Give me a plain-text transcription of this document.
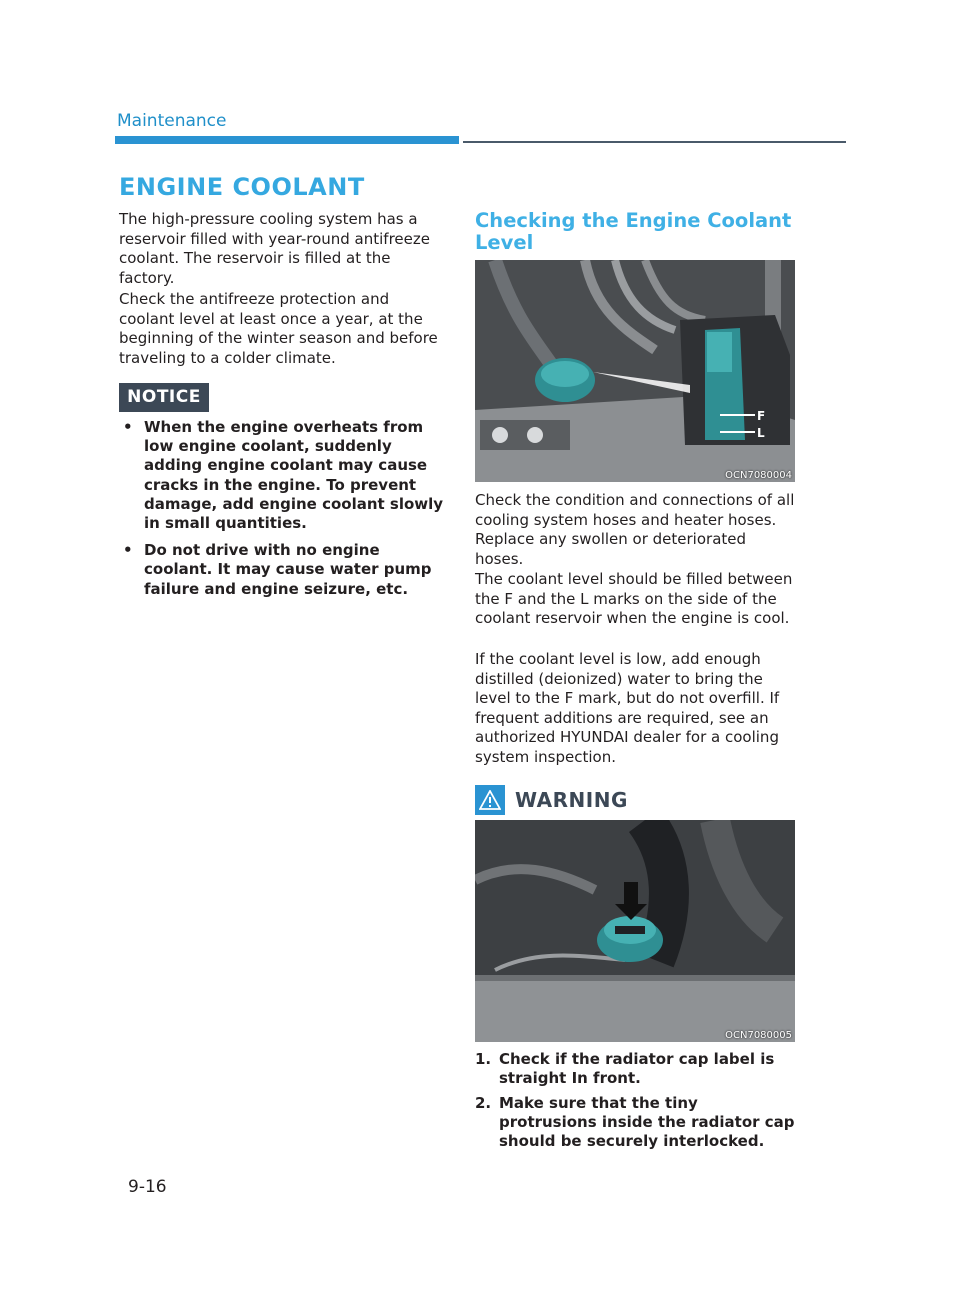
Maintenance
ENGINE COOLANT

The high-pressure cooling system has a reservoir filled with year-round antifreeze coolant. The reservoir is filled at the factory.

Check the antifreeze protection and coolant level at least once a year, at the beginning of the winter season and before traveling to a colder climate.

NOTICE
• When the engine overheats from low engine coolant, suddenly adding engine coolant may cause cracks in the engine. To prevent damage, add engine coolant slowly in small quantities.
• Do not drive with no engine coolant. It may cause water pump failure and engine seizure, etc.
Checking the Engine Coolant Level
F
L
OCN7080004

Check the condition and connections of all cooling system hoses and heater hoses. Replace any swollen or deteriorated hoses.

The coolant level should be filled between the F and the L marks on the side of the coolant reservoir when the engine is cool.

If the coolant level is low, add enough distilled (deionized) water to bring the level to the F mark, but do not overfill. If frequent additions are required, see an authorized HYUNDAI dealer for a cooling system inspection.

WARNING
OCN7080005
1. Check if the radiator cap label is straight In front.
2. Make sure that the tiny protrusions inside the radiator cap should be securely interlocked.
9-16
